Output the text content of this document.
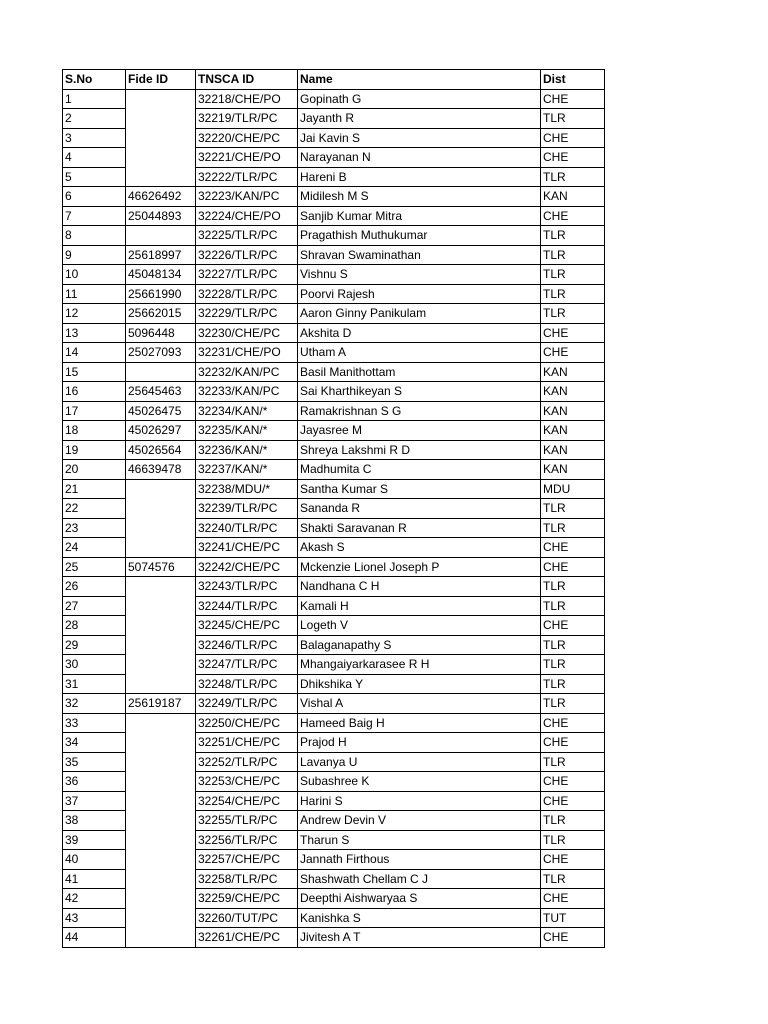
S.No	Fide ID	TNSCA ID	Name	Dist
1		32218/CHE/PO	Gopinath G	CHE
2		32219/TLR/PC	Jayanth R	TLR
3		32220/CHE/PC	Jai Kavin S	CHE
4		32221/CHE/PO	Narayanan N	CHE
5		32222/TLR/PC	Hareni B	TLR
6	46626492	32223/KAN/PC	Midilesh M S	KAN
7	25044893	32224/CHE/PO	Sanjib Kumar Mitra	CHE
8		32225/TLR/PC	Pragathish Muthukumar	TLR
9	25618997	32226/TLR/PC	Shravan Swaminathan	TLR
10	45048134	32227/TLR/PC	Vishnu S	TLR
11	25661990	32228/TLR/PC	Poorvi Rajesh	TLR
12	25662015	32229/TLR/PC	Aaron Ginny Panikulam	TLR
13	5096448	32230/CHE/PC	Akshita D	CHE
14	25027093	32231/CHE/PO	Utham A	CHE
15		32232/KAN/PC	Basil Manithottam	KAN
16	25645463	32233/KAN/PC	Sai Kharthikeyan S	KAN
17	45026475	32234/KAN/*	Ramakrishnan S G	KAN
18	45026297	32235/KAN/*	Jayasree M	KAN
19	45026564	32236/KAN/*	Shreya Lakshmi R D	KAN
20	46639478	32237/KAN/*	Madhumita C	KAN
21		32238/MDU/*	Santha Kumar S	MDU
22		32239/TLR/PC	Sananda R	TLR
23		32240/TLR/PC	Shakti Saravanan R	TLR
24		32241/CHE/PC	Akash S	CHE
25	5074576	32242/CHE/PC	Mckenzie Lionel Joseph P	CHE
26		32243/TLR/PC	Nandhana C H	TLR
27		32244/TLR/PC	Kamali H	TLR
28		32245/CHE/PC	Logeth V	CHE
29		32246/TLR/PC	Balaganapathy S	TLR
30		32247/TLR/PC	Mhangaiyarkarasee R H	TLR
31		32248/TLR/PC	Dhikshika Y	TLR
32	25619187	32249/TLR/PC	Vishal A	TLR
33		32250/CHE/PC	Hameed Baig H	CHE
34		32251/CHE/PC	Prajod H	CHE
35		32252/TLR/PC	Lavanya U	TLR
36		32253/CHE/PC	Subashree K	CHE
37		32254/CHE/PC	Harini S	CHE
38		32255/TLR/PC	Andrew Devin V	TLR
39		32256/TLR/PC	Tharun S	TLR
40		32257/CHE/PC	Jannath Firthous	CHE
41		32258/TLR/PC	Shashwath Chellam C J	TLR
42		32259/CHE/PC	Deepthi Aishwaryaa S	CHE
43		32260/TUT/PC	Kanishka S	TUT
44		32261/CHE/PC	Jivitesh A T	CHE
